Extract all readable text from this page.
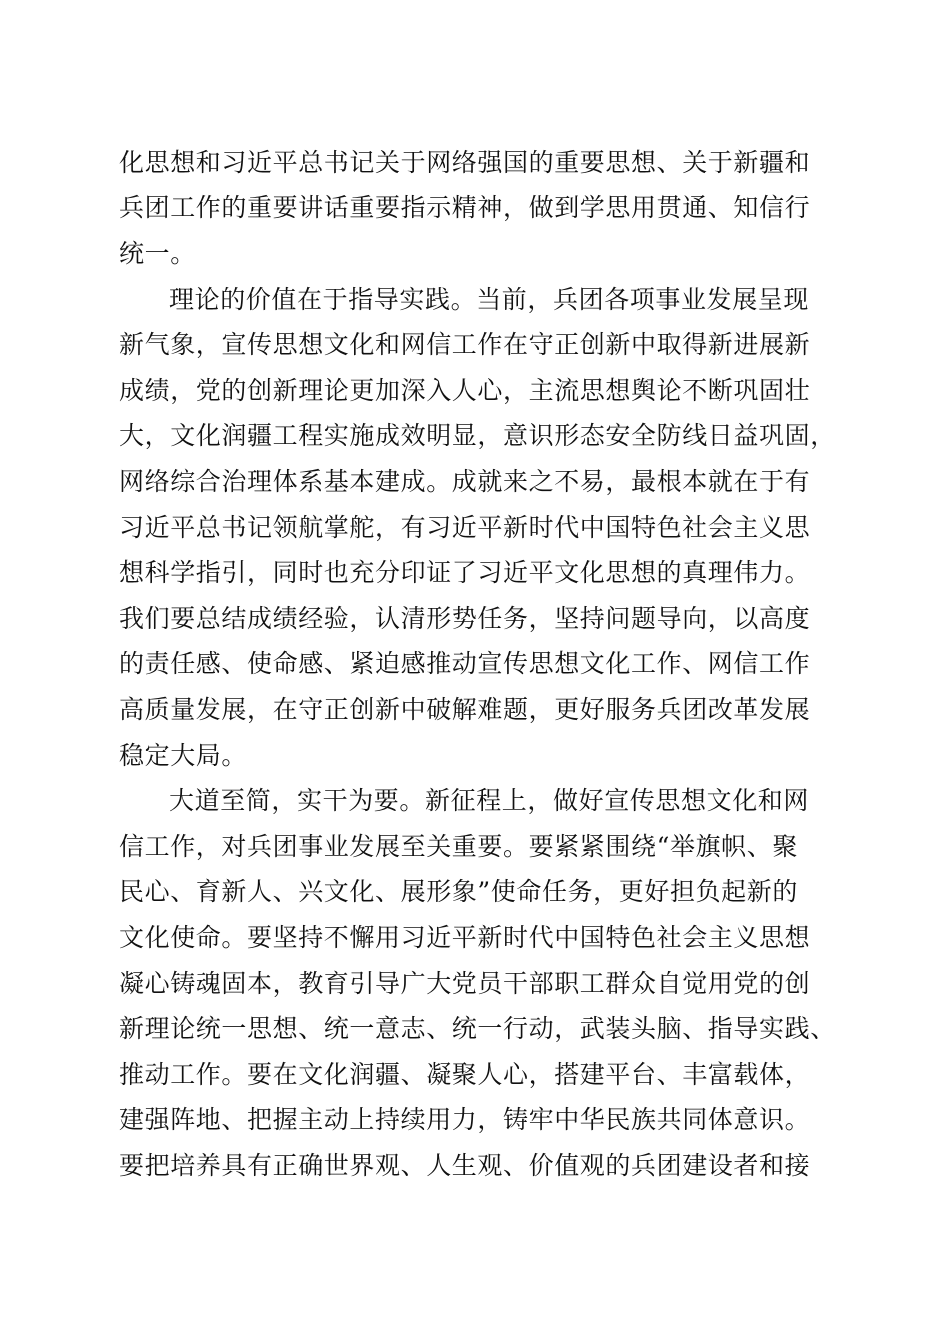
化思想和习近平总书记关于网络强国的重要思想、关于新疆和

兵团工作的重要讲话重要指示精神，做到学思用贯通、知信行

统一。

理论的价值在于指导实践。当前，兵团各项事业发展呈现

新气象，宣传思想文化和网信工作在守正创新中取得新进展新

成绩，党的创新理论更加深入人心，主流思想舆论不断巩固壮

大，文化润疆工程实施成效明显，意识形态安全防线日益巩固，

网络综合治理体系基本建成。成就来之不易，最根本就在于有

习近平总书记领航掌舵，有习近平新时代中国特色社会主义思

想科学指引，同时也充分印证了习近平文化思想的真理伟力。

我们要总结成绩经验，认清形势任务，坚持问题导向，以高度

的责任感、使命感、紧迫感推动宣传思想文化工作、网信工作

高质量发展，在守正创新中破解难题，更好服务兵团改革发展

稳定大局。

大道至简，实干为要。新征程上，做好宣传思想文化和网

信工作，对兵团事业发展至关重要。要紧紧围绕“举旗帜、聚

民心、育新人、兴文化、展形象”使命任务，更好担负起新的

文化使命。要坚持不懈用习近平新时代中国特色社会主义思想

凝心铸魂固本，教育引导广大党员干部职工群众自觉用党的创

新理论统一思想、统一意志、统一行动，武装头脑、指导实践、

推动工作。要在文化润疆、凝聚人心，搭建平台、丰富载体，

建强阵地、把握主动上持续用力，铸牢中华民族共同体意识。

要把培养具有正确世界观、人生观、价值观的兵团建设者和接
